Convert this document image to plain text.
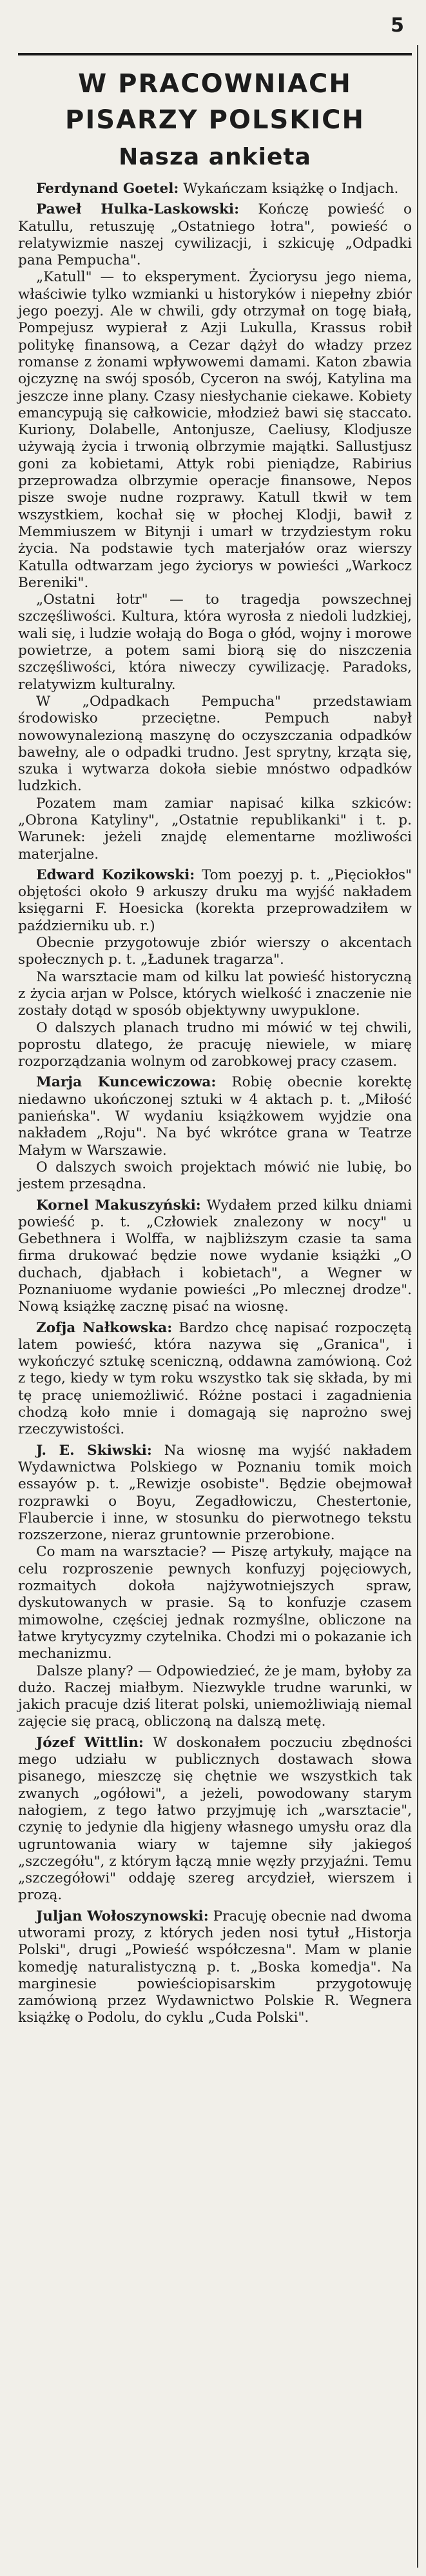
5
W PRACOWNIACH
PISARZY POLSKICH
Nasza ankieta

Ferdynand Goetel: Wykańczam książkę o Indjach.

Paweł Hulka-Laskowski: Kończę powieść o Katullu, retuszuję „Ostatniego łotra", powieść o relatywizmie naszej cywilizacji, i szkicuję „Odpadki pana Pempucha".

„Katull" — to eksperyment. Życiorysu jego niema, właściwie tylko wzmianki u historyków i niepełny zbiór jego poezyj. Ale w chwili, gdy otrzymał on togę białą, Pompejusz wypierał z Azji Lukulla, Krassus robił politykę finansową, a Cezar dążył do władzy przez romanse z żonami wpływowemi damami. Katon zbawia ojczyznę na swój sposób, Cyceron na swój, Katylina ma jeszcze inne plany. Czasy niesłychanie ciekawe. Kobiety emancypują się całkowicie, młodzież bawi się staccato. Kuriony, Dolabelle, Antonjusze, Caeliusy, Klodjusze używają życia i trwonią olbrzymie majątki. Sallustjusz goni za kobietami, Attyk robi pieniądze, Rabirius przeprowadza olbrzymie operacje finansowe, Nepos pisze swoje nudne rozprawy. Katull tkwił w tem wszystkiem, kochał się w płochej Klodji, bawił z Memmiuszem w Bitynji i umarł w trzydziestym roku życia. Na podstawie tych materjałów oraz wierszy Katulla odtwarzam jego życiorys w powieści „Warkocz Bereniki".

„Ostatni łotr" — to tragedja powszechnej szczęśliwości. Kultura, która wyrosła z niedoli ludzkiej, wali się, i ludzie wołają do Boga o głód, wojny i morowe powietrze, a potem sami biorą się do niszczenia szczęśliwości, która niweczy cywilizację. Paradoks, relatywizm kulturalny.

W „Odpadkach Pempucha" przedstawiam środowisko przeciętne. Pempuch nabył nowowynalezioną maszynę do oczyszczania odpadków bawełny, ale o odpadki trudno. Jest sprytny, krząta się, szuka i wytwarza dokoła siebie mnóstwo odpadków ludzkich.

Pozatem mam zamiar napisać kilka szkiców: „Obrona Katyliny", „Ostatnie republikanki" i t. p. Warunek: jeżeli znajdę elementarne możliwości materjalne.

Edward Kozikowski: Tom poezyj p. t. „Pięciokłos" objętości około 9 arkuszy druku ma wyjść nakładem księgarni F. Hoesicka (korekta przeprowadziłem w październiku ub. r.)

Obecnie przygotowuje zbiór wierszy o akcentach społecznych p. t. „Ładunek tragarza".

Na warsztacie mam od kilku lat powieść historyczną z życia arjan w Polsce, których wielkość i znaczenie nie zostały dotąd w sposób objektywny uwypuklone.

O dalszych planach trudno mi mówić w tej chwili, poprostu dlatego, że pracuję niewiele, w miarę rozporządzania wolnym od zarobkowej pracy czasem.

Marja Kuncewiczowa: Robię obecnie korektę niedawno ukończonej sztuki w 4 aktach p. t. „Miłość panieńska". W wydaniu książkowem wyjdzie ona nakładem „Roju". Na być wkrótce grana w Teatrze Małym w Warszawie.

O dalszych swoich projektach mówić nie lubię, bo jestem przesądna.

Kornel Makuszyński: Wydałem przed kilku dniami powieść p. t. „Człowiek znalezony w nocy" u Gebethnera i Wolffa, w najbliższym czasie ta sama firma drukować będzie nowe wydanie książki „O duchach, djabłach i kobietach", a Wegner w Poznaniuome wydanie powieści „Po mlecznej drodze". Nową książkę zacznę pisać na wiosnę.

Zofja Nałkowska: Bardzo chcę napisać rozpoczętą latem powieść, która nazywa się „Granica", i wykończyć sztukę sceniczną, oddawna zamówioną. Coż z tego, kiedy w tym roku wszystko tak się składa, by mi tę pracę uniemożliwić. Różne postaci i zagadnienia chodzą koło mnie i domagają się naprożno swej rzeczywistości.

J. E. Skiwski: Na wiosnę ma wyjść nakładem Wydawnictwa Polskiego w Poznaniu tomik moich essayów p. t. „Rewizje osobiste". Będzie obejmował rozprawki o Boyu, Zegadłowiczu, Chestertonie, Flaubercie i inne, w stosunku do pierwotnego tekstu rozszerzone, nieraz gruntownie przerobione.

Co mam na warsztacie? — Piszę artykuły, mające na celu rozproszenie pewnych konfuzyj pojęciowych, rozmaitych dokoła najżywotniejszych spraw, dyskutowanych w prasie. Są to konfuzje czasem mimowolne, częściej jednak rozmyślne, obliczone na łatwe krytycyzmy czytelnika. Chodzi mi o pokazanie ich mechanizmu.

Dalsze plany? — Odpowiedzieć, że je mam, byłoby za dużo. Raczej miałbym. Niezwykle trudne warunki, w jakich pracuje dziś literat polski, uniemożliwiają niemal zajęcie się pracą, obliczoną na dalszą metę.

Józef Wittlin: W doskonałem poczuciu zbędności mego udziału w publicznych dostawach słowa pisanego, mieszczę się chętnie we wszystkich tak zwanych „ogółowi", a jeżeli, powodowany starym nałogiem, z tego łatwo przyjmuję ich „warsztacie", czynię to jedynie dla higjeny własnego umysłu oraz dla ugruntowania wiary w tajemne siły jakiegoś „szczegółu", z którym łączą mnie węzły przyjaźni. Temu „szczegółowi" oddaję szereg arcydzieł, wierszem i prozą.

Juljan Wołoszynowski: Pracuję obecnie nad dwoma utworami prozy, z których jeden nosi tytuł „Historja Polski", drugi „Powieść współczesna". Mam w planie komedję naturalistyczną p. t. „Boska komedja". Na marginesie powieściopisarskim przygotowuję zamówioną przez Wydawnictwo Polskie R. Wegnera książkę o Podolu, do cyklu „Cuda Polski".
